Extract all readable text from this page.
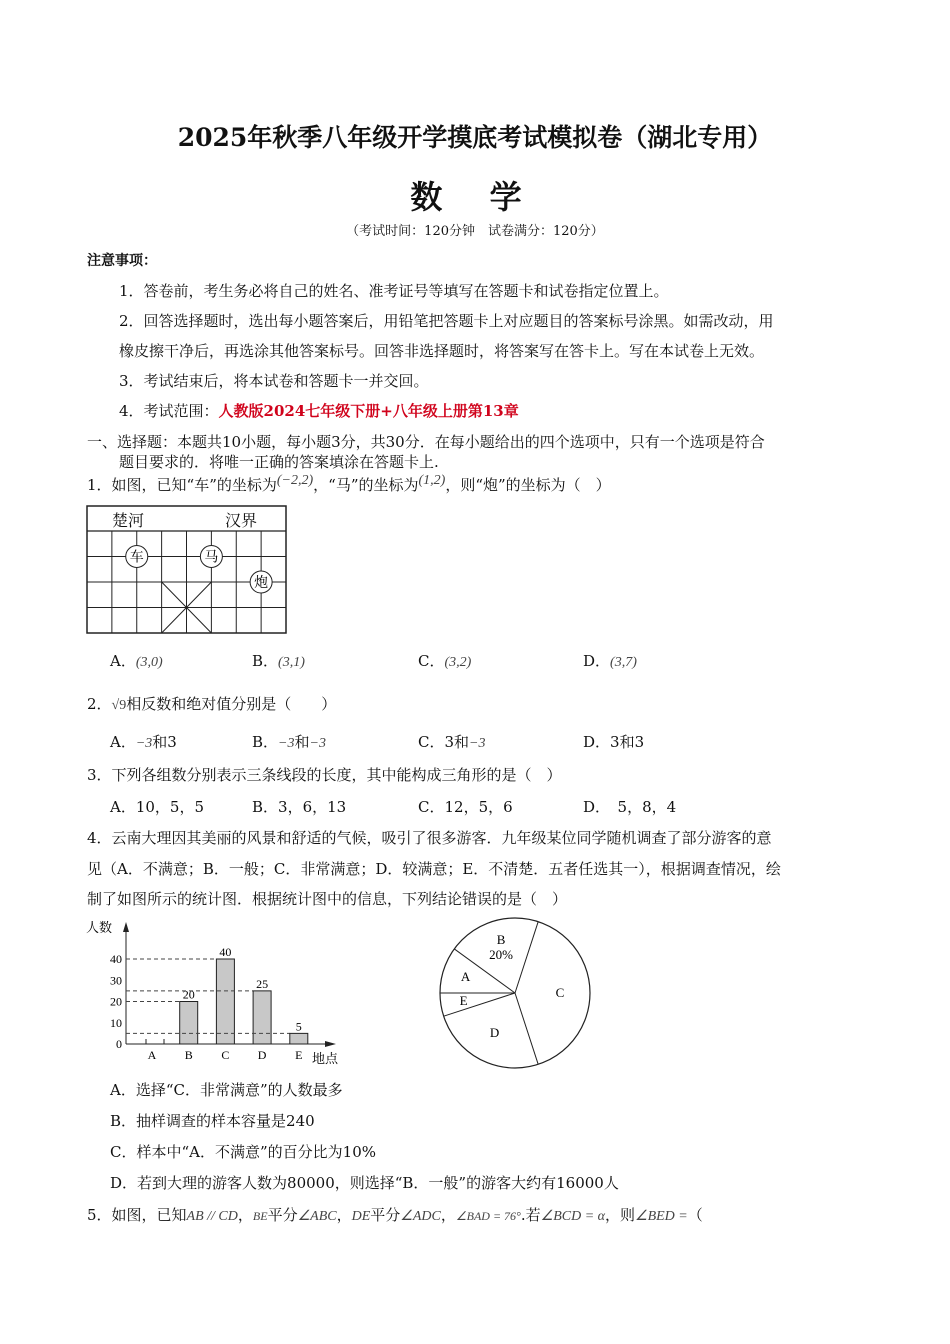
2025年秋季八年级开学摸底考试模拟卷（湖北专用）
数 学
（考试时间：120分钟　试卷满分：120分）
注意事项：
1．答卷前，考生务必将自己的姓名、准考证号等填写在答题卡和试卷指定位置上。
2．回答选择题时，选出每小题答案后，用铅笔把答题卡上对应题目的答案标号涂黑。如需改动，用
橡皮擦干净后，再选涂其他答案标号。回答非选择题时，将答案写在答卡上。写在本试卷上无效。
3．考试结束后，将本试卷和答题卡一并交回。
4．考试范围：人教版2024七年级下册+八年级上册第13章
一、选择题：本题共10小题，每小题3分，共30分．在每小题给出的四个选项中，只有一个选项是符合
题目要求的．将唯一正确的答案填涂在答题卡上.
1．如图，已知“车”的坐标为$^{(-2,2)}$，“马”的坐标为$^{(1,2)}$，则“炮”的坐标为（　）
车	马
炮
楚河	汉界
A．(3,0)	B．(3,1)	C．(3,2)	D．(3,7)
2．√9相反数和绝对值分别是（　　）
A．−3和3	B．−3和−3	C．3和−3	D．3和3
3．下列各组数分别表示三条线段的长度，其中能构成三角形的是（　）
A．10，5，5	B．3，6，13	C．12，5，6	D．　5，8，4
4．云南大理因其美丽的风景和舒适的气候，吸引了很多游客．九年级某位同学随机调查了部分游客的意
见（A．不满意；B．一般；C．非常满意；D．较满意；E．不清楚．五者任选其一），根据调查情况，绘
制了如图所示的统计图．根据统计图中的信息，下列结论错误的是（　）
人数
地点
0
10
20
30
40
A B
20
C
40
D
25
E
5
A
B
20%
C
D
E
A．选择“C．非常满意”的人数最多
B．抽样调查的样本容量是240
C．样本中“A．不满意”的百分比为10%
D．若到大理的游客人数为80000，则选择“B．一般”的游客大约有16000人
5．如图，已知AB // CD，BE平分∠ABC，DE平分∠ADC，∠BAD = 76°.若∠BCD = α，则∠BED =（
